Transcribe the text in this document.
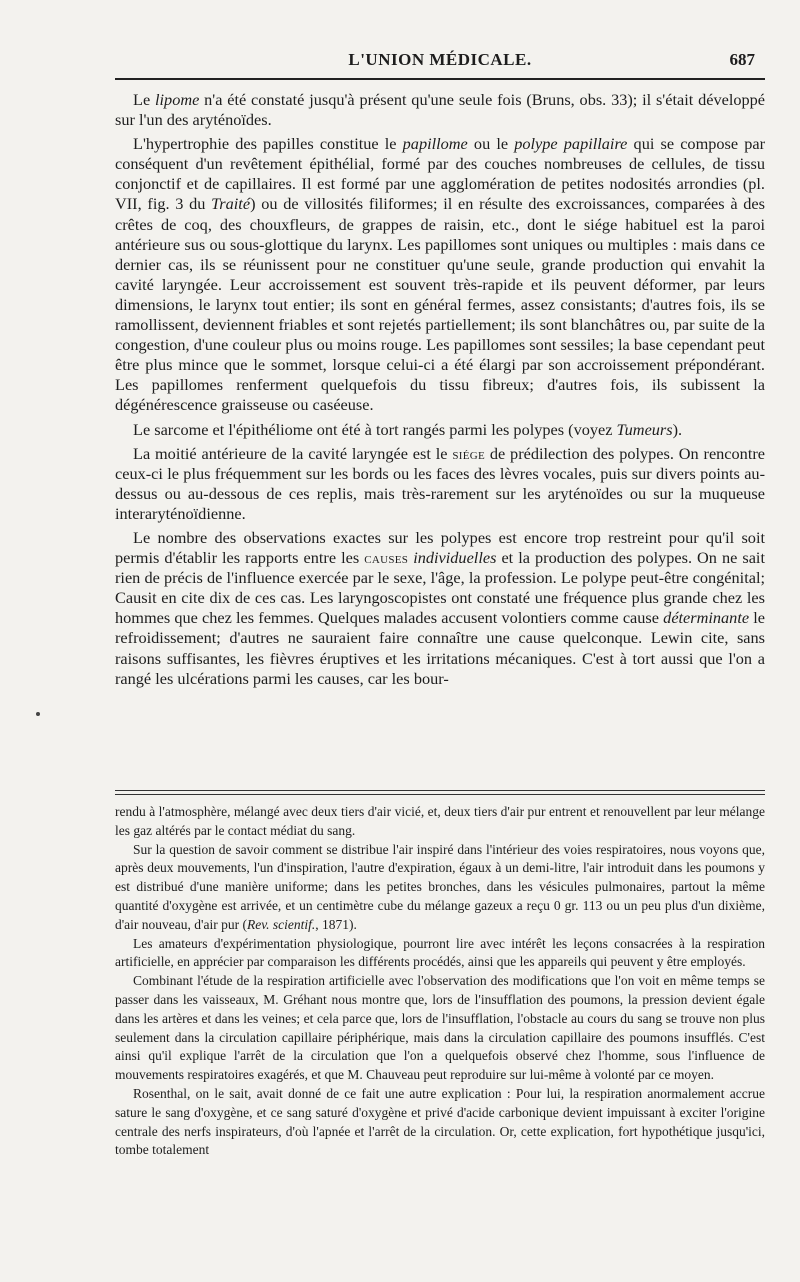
L'UNION MÉDICALE.	687

Le lipome n'a été constaté jusqu'à présent qu'une seule fois (Bruns, obs. 33); il s'était développé sur l'un des aryténoïdes.

L'hypertrophie des papilles constitue le papillome ou le polype papillaire qui se compose par conséquent d'un revêtement épithélial, formé par des couches nombreuses de cellules, de tissu conjonctif et de capillaires. Il est formé par une agglomération de petites nodosités arrondies (pl. VII, fig. 3 du Traité) ou de villosités filiformes; il en résulte des excroissances, comparées à des crêtes de coq, des chouxfleurs, de grappes de raisin, etc., dont le siége habituel est la paroi antérieure sus ou sous-glottique du larynx. Les papillomes sont uniques ou multiples : mais dans ce dernier cas, ils se réunissent pour ne constituer qu'une seule, grande production qui envahit la cavité laryngée. Leur accroissement est souvent très-rapide et ils peuvent déformer, par leurs dimensions, le larynx tout entier; ils sont en général fermes, assez consistants; d'autres fois, ils se ramollissent, deviennent friables et sont rejetés partiellement; ils sont blanchâtres ou, par suite de la congestion, d'une couleur plus ou moins rouge. Les papillomes sont sessiles; la base cependant peut être plus mince que le sommet, lorsque celui-ci a été élargi par son accroissement prépondérant. Les papillomes renferment quelquefois du tissu fibreux; d'autres fois, ils subissent la dégénérescence graisseuse ou caséeuse.

Le sarcome et l'épithéliome ont été à tort rangés parmi les polypes (voyez Tumeurs).

La moitié antérieure de la cavité laryngée est le siége de prédilection des polypes. On rencontre ceux-ci le plus fréquemment sur les bords ou les faces des lèvres vocales, puis sur divers points au-dessus ou au-dessous de ces replis, mais très-rarement sur les aryténoïdes ou sur la muqueuse interaryténoïdienne.

Le nombre des observations exactes sur les polypes est encore trop restreint pour qu'il soit permis d'établir les rapports entre les causes individuelles et la production des polypes. On ne sait rien de précis de l'influence exercée par le sexe, l'âge, la profession. Le polype peut-être congénital; Causit en cite dix de ces cas. Les laryngoscopistes ont constaté une fréquence plus grande chez les hommes que chez les femmes. Quelques malades accusent volontiers comme cause déterminante le refroidissement; d'autres ne sauraient faire connaître une cause quelconque. Lewin cite, sans raisons suffisantes, les fièvres éruptives et les irritations mécaniques. C'est à tort aussi que l'on a rangé les ulcérations parmi les causes, car les bour-

rendu à l'atmosphère, mélangé avec deux tiers d'air vicié, et, deux tiers d'air pur entrent et renouvellent par leur mélange les gaz altérés par le contact médiat du sang.

Sur la question de savoir comment se distribue l'air inspiré dans l'intérieur des voies respiratoires, nous voyons que, après deux mouvements, l'un d'inspiration, l'autre d'expiration, égaux à un demi-litre, l'air introduit dans les poumons y est distribué d'une manière uniforme; dans les petites bronches, dans les vésicules pulmonaires, partout la même quantité d'oxygène est arrivée, et un centimètre cube du mélange gazeux a reçu 0 gr. 113 ou un peu plus d'un dixième, d'air nouveau, d'air pur (Rev. scientif., 1871).

Les amateurs d'expérimentation physiologique, pourront lire avec intérêt les leçons consacrées à la respiration artificielle, en apprécier par comparaison les différents procédés, ainsi que les appareils qui peuvent y être employés.

Combinant l'étude de la respiration artificielle avec l'observation des modifications que l'on voit en même temps se passer dans les vaisseaux, M. Gréhant nous montre que, lors de l'insufflation des poumons, la pression devient égale dans les artères et dans les veines; et cela parce que, lors de l'insufflation, l'obstacle au cours du sang se trouve non plus seulement dans la circulation capillaire périphérique, mais dans la circulation capillaire des poumons insufflés. C'est ainsi qu'il explique l'arrêt de la circulation que l'on a quelquefois observé chez l'homme, sous l'influence de mouvements respiratoires exagérés, et que M. Chauveau peut reproduire sur lui-même à volonté par ce moyen.

Rosenthal, on le sait, avait donné de ce fait une autre explication : Pour lui, la respiration anormalement accrue sature le sang d'oxygène, et ce sang saturé d'oxygène et privé d'acide carbonique devient impuissant à exciter l'origine centrale des nerfs inspirateurs, d'où l'apnée et l'arrêt de la circulation. Or, cette explication, fort hypothétique jusqu'ici, tombe totalement
